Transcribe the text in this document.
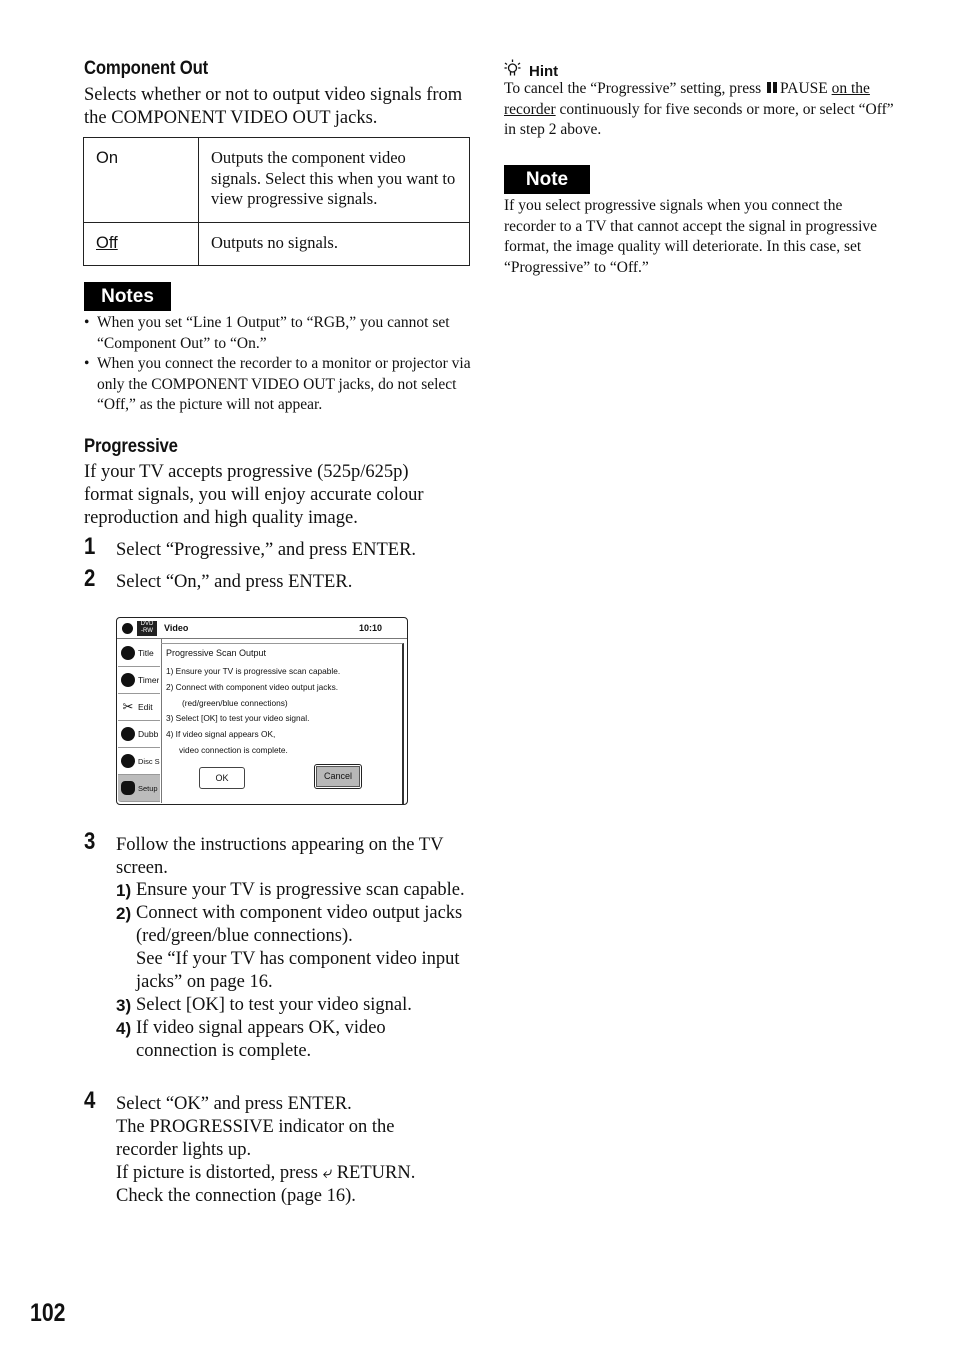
Component Out
Selects whether or not to output video signals from the COMPONENT VIDEO OUT jacks.
On	Outputs the component video signals. Select this when you want to view progressive signals.
Off	Outputs no signals.
Notes
• When you set “Line 1 Output” to “RGB,” you cannot set “Component Out” to “On.”
• When you connect the recorder to a monitor or projector via only the COMPONENT VIDEO OUT jacks, do not select “Off,” as the picture will not appear.
Progressive
If your TV accepts progressive (525p/625p) format signals, you will enjoy accurate colour reproduction and high quality image.
1 Select “Progressive,” and press ENTER.
2 Select “On,” and press ENTER.
DVD
-RW	Video	10:10
Title
Timer
✂ Edit
Dubb
Disc S
Setup
Progressive Scan Output
1) Ensure your TV is progressive scan capable.
2) Connect with component video output jacks.
(red/green/blue connections)
3) Select [OK] to test your video signal.
4) If video signal appears OK,
video connection is complete.
OK	Cancel
3 Follow the instructions appearing on the TV screen.
1) Ensure your TV is progressive scan capable.
2) Connect with component video output jacks (red/green/blue connections).
See “If your TV has component video input jacks” on page 16.
3) Select [OK] to test your video signal.
4) If video signal appears OK, video connection is complete.
4 Select “OK” and press ENTER.
The PROGRESSIVE indicator on the recorder lights up.
If picture is distorted, press ⤶ RETURN.
Check the connection (page 16).
102
Hint
To cancel the “Progressive” setting, press PAUSE on the recorder continuously for five seconds or more, or select “Off” in step 2 above.
Note
If you select progressive signals when you connect the recorder to a TV that cannot accept the signal in progressive format, the image quality will deteriorate. In this case, set “Progressive” to “Off.”
